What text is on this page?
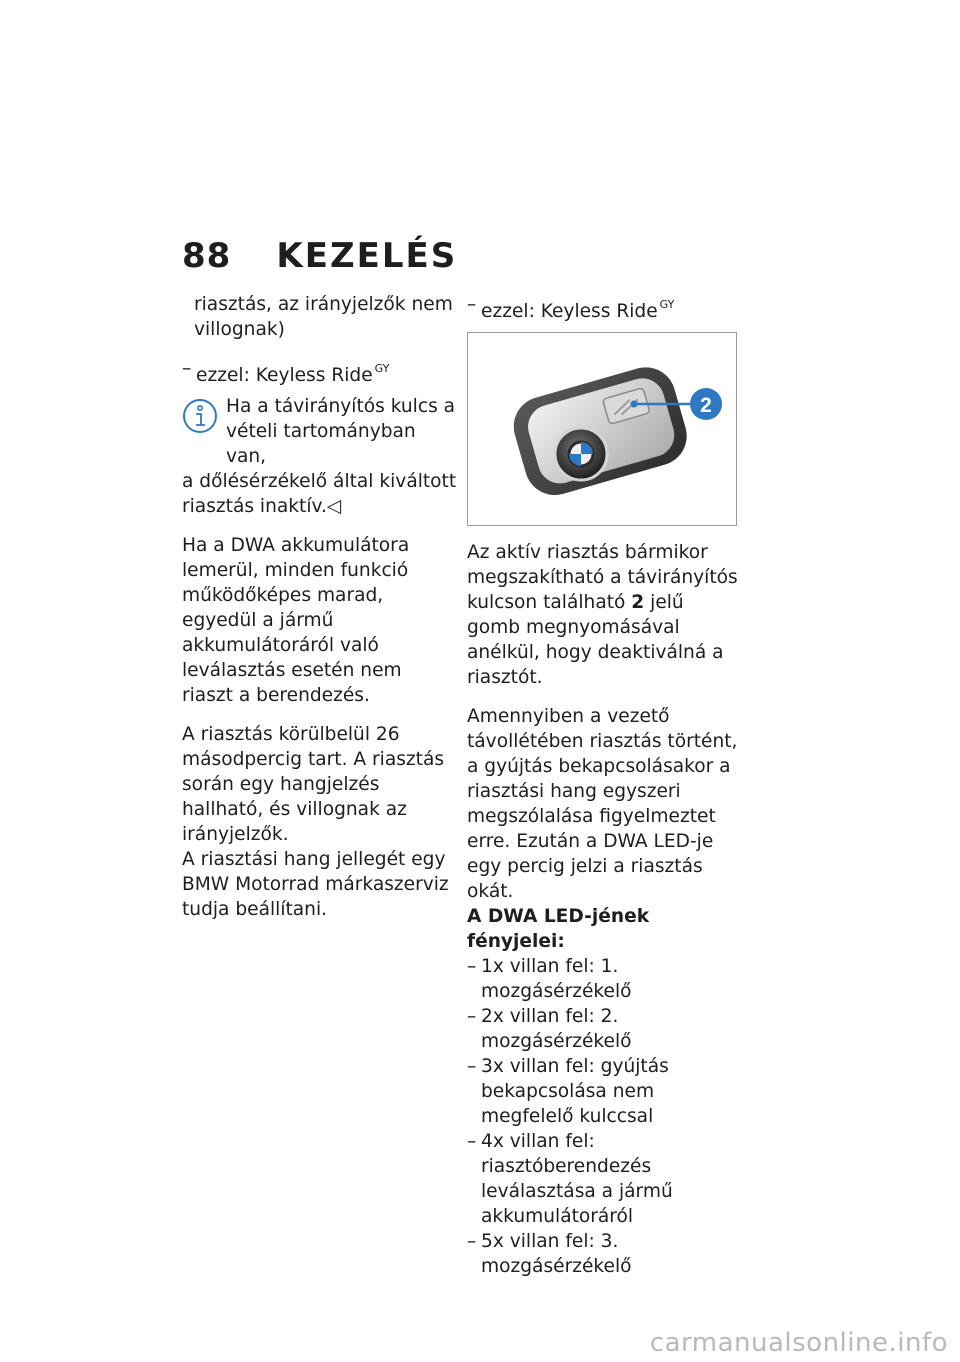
88 KEZELÉS

riasztás, az irányjelzők nem villognak)

– ezzel: Keyless Ride $^{GY}$
Ha a távirányítós kulcs a vételi tartományban van,
a dőlésérzékelő által kiváltott riasztás inaktív.◁

Ha a DWA akkumulátora lemerül, minden funkció működőképes marad, egyedül a jármű akkumulátoráról való leválasztás esetén nem riaszt a berendezés.

A riasztás körülbelül 26 másodpercig tart. A riasztás során egy hangjelzés hallható, és villognak az irányjelzők.

A riasztási hang jellegét egy BMW Motorrad márkaszerviz tudja beállítani.

– ezzel: Keyless Ride $^{GY}$
2

Az aktív riasztás bármikor megszakítható a távirányítós kulcson található 2 jelű gomb megnyomásával anélkül, hogy deaktiválná a riasztót.

Amennyiben a vezető távollétében riasztás történt, a gyújtás bekapcsolásakor a riasztási hang egyszeri megszólalása figyelmeztet erre. Ezután a DWA LED-je egy percig jelzi a riasztás okát.

A DWA LED-jének fényjelei:
– 1x villan fel: 1. mozgásérzékelő
– 2x villan fel: 2. mozgásérzékelő
– 3x villan fel: gyújtás bekapcsolása nem megfelelő kulccsal
– 4x villan fel: riasztóberendezés leválasztása a jármű akkumulátoráról
– 5x villan fel: 3. mozgásérzékelő
carmanualsonline.info
